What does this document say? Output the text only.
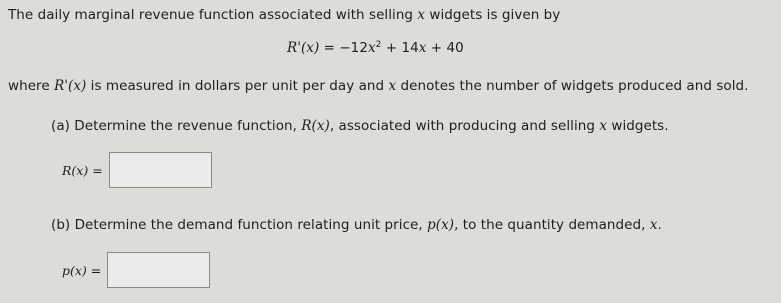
The daily marginal revenue function associated with selling x widgets is given by
$R'(x) = -12x^2 + 14x + 40$
where R'(x) is measured in dollars per unit per day and x denotes the number of widgets produced and sold.
(a) Determine the revenue function, R(x), associated with producing and selling x widgets.
R(x) =
(b) Determine the demand function relating unit price, p(x), to the quantity demanded, x.
p(x) =
